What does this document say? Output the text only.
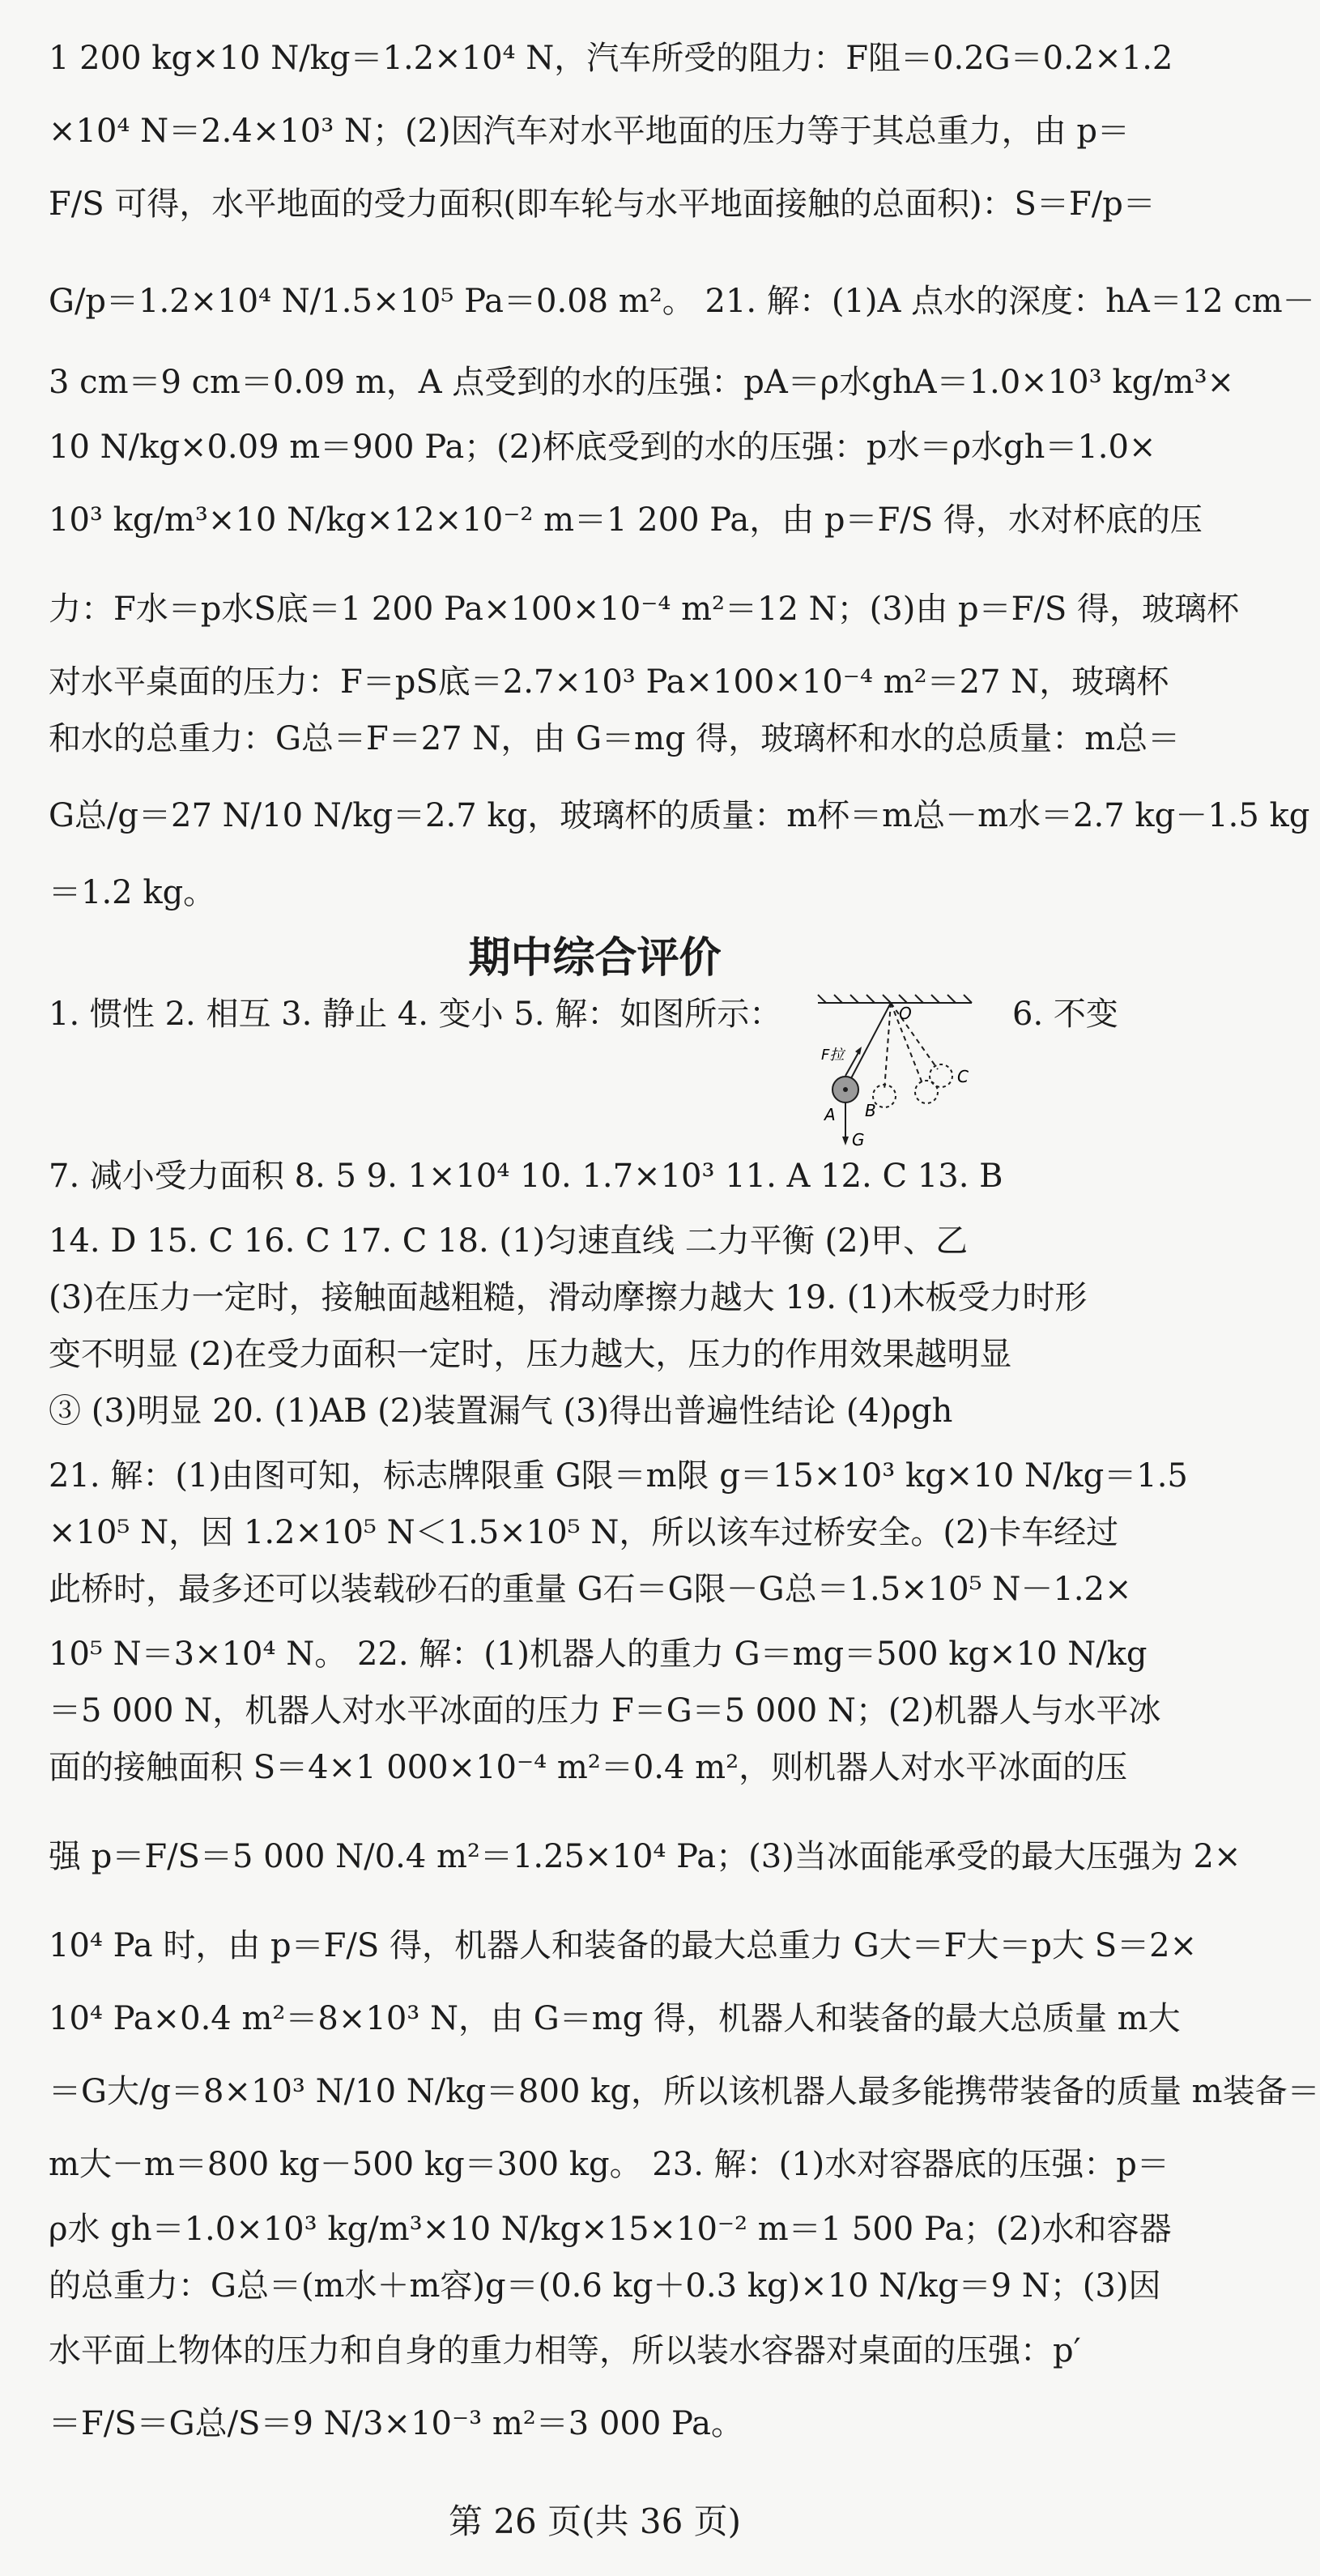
1 200 kg×10 N/kg＝1.2×10⁴ N，汽车所受的阻力：F阻＝0.2G＝0.2×1.2
×10⁴ N＝2.4×10³ N；(2)因汽车对水平地面的压力等于其总重力，由 p＝
F/S 可得，水平地面的受力面积(即车轮与水平地面接触的总面积)：S＝F/p＝
G/p＝1.2×10⁴ N/1.5×10⁵ Pa＝0.08 m²。 21. 解：(1)A 点水的深度：hA＝12 cm－
3 cm＝9 cm＝0.09 m，A 点受到的水的压强：pA＝ρ水ghA＝1.0×10³ kg/m³×
10 N/kg×0.09 m＝900 Pa；(2)杯底受到的水的压强：p水＝ρ水gh＝1.0×
10³ kg/m³×10 N/kg×12×10⁻² m＝1 200 Pa，由 p＝F/S 得，水对杯底的压
力：F水＝p水S底＝1 200 Pa×100×10⁻⁴ m²＝12 N；(3)由 p＝F/S 得，玻璃杯
对水平桌面的压力：F＝pS底＝2.7×10³ Pa×100×10⁻⁴ m²＝27 N，玻璃杯
和水的总重力：G总＝F＝27 N，由 G＝mg 得，玻璃杯和水的总质量：m总＝
G总/g＝27 N/10 N/kg＝2.7 kg，玻璃杯的质量：m杯＝m总－m水＝2.7 kg－1.5 kg
＝1.2 kg。
期中综合评价
1. 惯性 2. 相互 3. 静止 4. 变小 5. 解：如图所示：	6. 不变
O
F拉
A B
C
G
7. 减小受力面积 8. 5 9. 1×10⁴ 10. 1.7×10³ 11. A 12. C 13. B
14. D 15. C 16. C 17. C 18. (1)匀速直线 二力平衡 (2)甲、乙
(3)在压力一定时，接触面越粗糙，滑动摩擦力越大 19. (1)木板受力时形
变不明显 (2)在受力面积一定时，压力越大，压力的作用效果越明显
③ (3)明显 20. (1)AB (2)装置漏气 (3)得出普遍性结论 (4)ρgh
21. 解：(1)由图可知，标志牌限重 G限＝m限 g＝15×10³ kg×10 N/kg＝1.5
×10⁵ N，因 1.2×10⁵ N＜1.5×10⁵ N，所以该车过桥安全。(2)卡车经过
此桥时，最多还可以装载砂石的重量 G石＝G限－G总＝1.5×10⁵ N－1.2×
10⁵ N＝3×10⁴ N。 22. 解：(1)机器人的重力 G＝mg＝500 kg×10 N/kg
＝5 000 N，机器人对水平冰面的压力 F＝G＝5 000 N；(2)机器人与水平冰
面的接触面积 S＝4×1 000×10⁻⁴ m²＝0.4 m²，则机器人对水平冰面的压
强 p＝F/S＝5 000 N/0.4 m²＝1.25×10⁴ Pa；(3)当冰面能承受的最大压强为 2×
10⁴ Pa 时，由 p＝F/S 得，机器人和装备的最大总重力 G大＝F大＝p大 S＝2×
10⁴ Pa×0.4 m²＝8×10³ N，由 G＝mg 得，机器人和装备的最大总质量 m大
＝G大/g＝8×10³ N/10 N/kg＝800 kg，所以该机器人最多能携带装备的质量 m装备＝
m大－m＝800 kg－500 kg＝300 kg。 23. 解：(1)水对容器底的压强：p＝
ρ水 gh＝1.0×10³ kg/m³×10 N/kg×15×10⁻² m＝1 500 Pa；(2)水和容器
的总重力：G总＝(m水＋m容)g＝(0.6 kg＋0.3 kg)×10 N/kg＝9 N；(3)因
水平面上物体的压力和自身的重力相等，所以装水容器对桌面的压强：p′
＝F/S＝G总/S＝9 N/3×10⁻³ m²＝3 000 Pa。
第 26 页(共 36 页)
